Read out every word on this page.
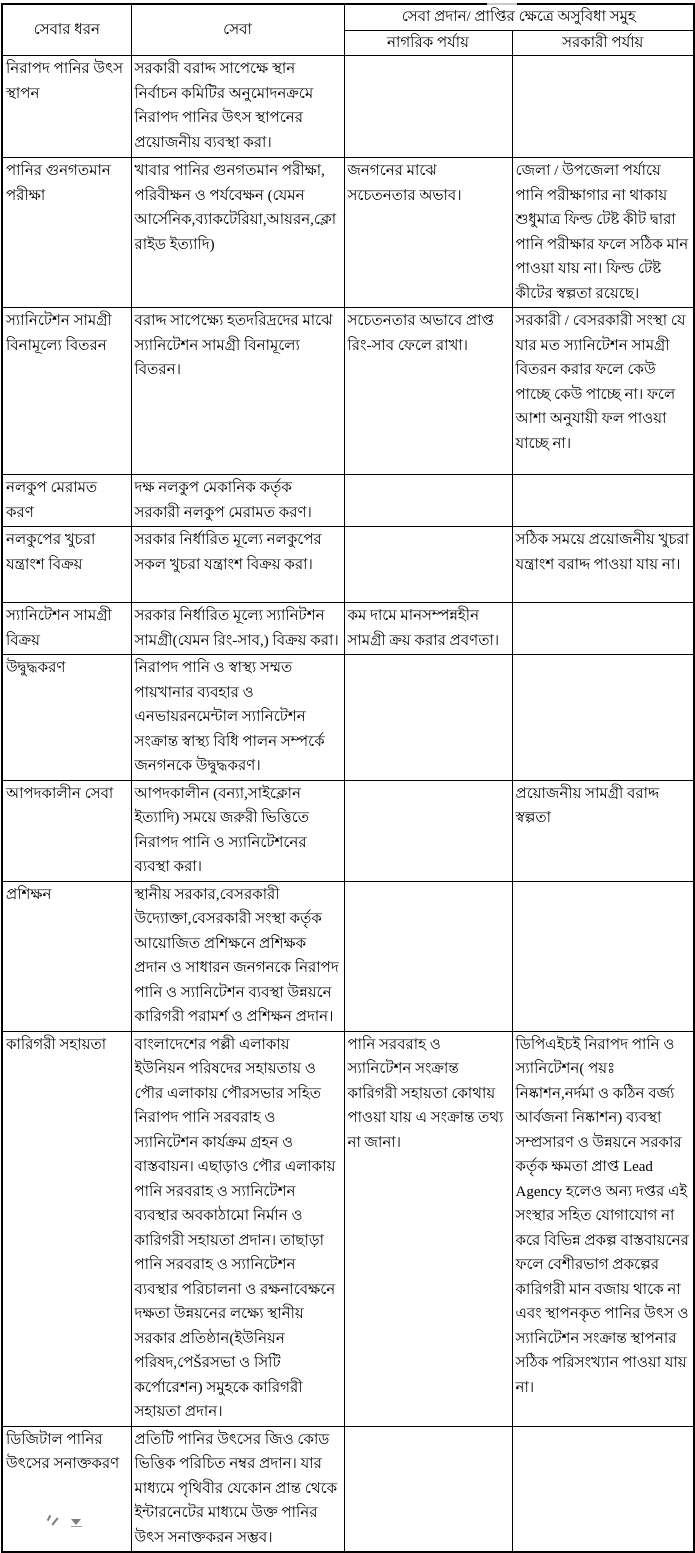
সেবার ধরন	সেবা	সেবা প্রদান/ প্রাপ্তির ক্ষেত্রে অসুবিধা সমুহ	
		নাগরিক পর্যায়	সরকারী পর্যায়
নিরাপদ পানির উৎস স্থাপন	সরকারী বরাদ্দ সাপেক্ষে স্থান নির্বাচন কমিটির অনুমোদনক্রমে নিরাপদ পানির উৎস স্থাপনের প্রয়োজনীয় ব্যবস্থা করা।		
পানির গুনগতমান পরীক্ষা	খাবার পানির গুনগতমান পরীক্ষা, পরিবীক্ষন ও পর্যবেক্ষন (যেমন আর্সেনিক,ব্যাকটেরিয়া,আয়রন,ক্লোরাইড ইত্যাদি)	জনগনের মাঝে সচেতনতার অভাব।	জেলা / উপজেলা পর্যায়ে পানি পরীক্ষাগার না থাকায় শুধুমাত্র ফিল্ড টেষ্ট কীট দ্বারা পানি পরীক্ষার ফলে সঠিক মান পাওয়া যায় না। ফিল্ড টেষ্ট কীটের স্বল্পতা রয়েছে।
স্যানিটেশন সামগ্রী বিনামূল্যে বিতরন	বরাদ্দ সাপেক্ষ্যে হতদরিদ্রদের মাঝে স্যানিটেশন সামগ্রী বিনামূল্যে বিতরন।	সচেতনতার অভাবে প্রাপ্ত রিং-সাব ফেলে রাখা।	সরকারী / বেসরকারী সংস্থা যে যার মত স্যানিটেশন সামগ্রী বিতরন করার ফলে কেউ পাচ্ছে কেউ পাচ্ছে না। ফলে আশা অনুযায়ী ফল পাওয়া যাচ্ছে না।
নলকুপ মেরামত করণ	দক্ষ নলকুপ মেকানিক কর্তৃক সরকারী নলকুপ মেরামত করণ।		
নলকুপের খুচরা যন্ত্রাংশ বিক্রয়	সরকার নির্ধারিত মূল্যে নলকুপের সকল খুচরা যন্ত্রাংশ বিক্রয় করা।		সঠিক সময়ে প্রয়োজনীয় খুচরা যন্ত্রাংশ বরাদ্দ পাওয়া যায় না।
স্যানিটেশন সামগ্রী বিক্রয়	সরকার নির্ধারিত মূল্যে স্যানিটশন সামগ্রী(যেমন রিং-সাব,) বিক্রয় করা।	কম দামে মানসম্পন্নহীন সামগ্রী ক্রয় করার প্রবণতা।	
উদ্বুদ্ধকরণ	নিরাপদ পানি ও স্বাস্থ্য সম্মত পায়খানার ব্যবহার ও এনভায়রনমেন্টাল স্যানিটেশন সংক্রান্ত স্বাস্থ্য বিধি পালন সম্পর্কে জনগনকে উদ্বুদ্ধকরণ।		
আপদকালীন সেবা	আপদকালীন (বন্যা,সাইক্লোন ইত্যাদি) সময়ে জরুরী ভিত্তিতে নিরাপদ পানি ও স্যানিটেশনের ব্যবস্থা করা।		প্রয়োজনীয় সামগ্রী বরাদ্দ স্বল্পতা
প্রশিক্ষন	স্থানীয় সরকার,বেসরকারী উদ্যোক্তা,বেসরকারী সংস্থা কর্তৃক আয়োজিত প্রশিক্ষনে প্রশিক্ষক প্রদান ও সাধারন জনগনকে নিরাপদ পানি ও স্যানিটেশন ব্যবস্থা উন্নয়নে কারিগরী পরামর্শ ও প্রশিক্ষন প্রদান।		
কারিগরী সহায়তা	বাংলাদেশের পল্লী এলাকায় ইউনিয়ন পরিষদের সহায়তায় ও পৌর এলাকায় পৌরসভার সহিত নিরাপদ পানি সরবরাহ ও স্যানিটেশন কার্যক্রম গ্রহন ও বাস্তবায়ন। এছাড়াও পৌর এলাকায় পানি সরবরাহ ও স্যানিটেশন ব্যবস্থার অবকাঠামো নির্মান ও কারিগরী সহায়তা প্রদান। তাছাড়া পানি সরবরাহ ও স্যানিটেশন ব্যবস্থার পরিচালনা ও রক্ষনাবেক্ষনে দক্ষতা উন্নয়নের লক্ষ্যে স্থানীয় সরকার প্রতিষ্ঠান(ইউনিয়ন পরিষদ,পেŠরসভা ও সিটি কর্পোরেশন) সমুহকে কারিগরী সহায়তা প্রদান।	পানি সরবরাহ ও স্যানিটেশন সংক্রান্ত কারিগরী সহায়তা কোথায় পাওয়া যায় এ সংক্রান্ত তথ্য না জানা।	ডিপিএইচই নিরাপদ পানি ও স্যানিটেশন( পয়ঃ নিষ্কাশন,নর্দমা ও কঠিন বর্জ্য আর্বজনা নিষ্কাশন) ব্যবস্থা সম্প্রসারণ ও উন্নয়নে সরকার কর্তৃক ক্ষমতা প্রাপ্ত Lead Agency হলেও অন্য দপ্তর এই সংস্থার সহিত যোগাযোগ না করে বিভিন্ন প্রকল্প বাস্তবায়নের ফলে বেশীরভাগ প্রকল্পের কারিগরী মান বজায় থাকে না এবং স্থাপনকৃত পানির উৎস ও স্যানিটেশন সংক্রান্ত স্থাপনার সঠিক পরিসংখ্যান পাওয়া যায় না।
ডিজিটাল পানির উৎসের সনাক্তকরণ	প্রতিটি পানির উৎসের জিও কোড ভিত্তিক পরিচিত নম্বর প্রদান। যার মাধ্যমে পৃথিবীর যেকোন প্রান্ত থেকে ইন্টারনেটের মাধ্যমে উক্ত পানির উৎস সনাক্তকরন সম্ভব।		
